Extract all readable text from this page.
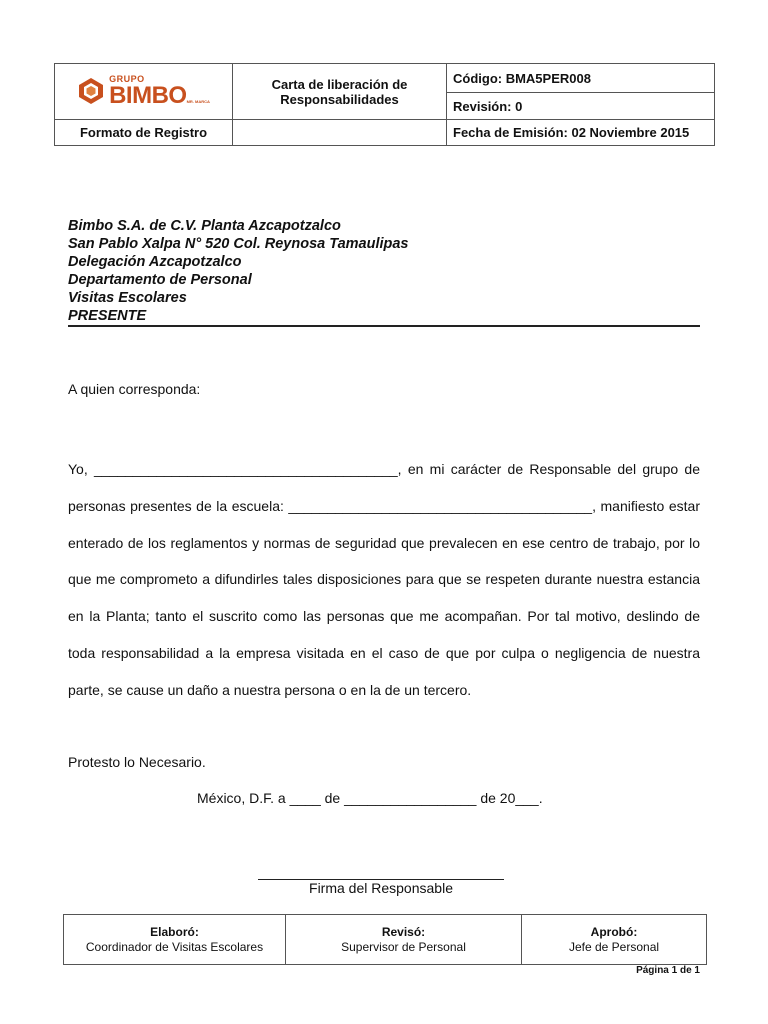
GRUPO
BIMBOMR. MARCA	Carta de liberación de Responsabilidades	Código: BMA5PER008
		Revisión: 0
Formato de Registro		Fecha de Emisión: 02 Noviembre 2015
Bimbo S.A. de C.V. Planta Azcapotzalco
San Pablo Xalpa N° 520 Col. Reynosa Tamaulipas
Delegación Azcapotzalco
Departamento de Personal
Visitas Escolares
PRESENTE
A quien corresponda:

Yo, _______________________________________, en mi carácter de Responsable del grupo de personas presentes de la escuela: _______________________________________, manifiesto estar enterado de los reglamentos y normas de seguridad que prevalecen en ese centro de trabajo, por lo que me comprometo a difundirles tales disposiciones para que se respeten durante nuestra estancia en la Planta; tanto el suscrito como las personas que me acompañan. Por tal motivo, deslindo de toda responsabilidad a la empresa visitada en el caso de que por culpa o negligencia de nuestra parte, se cause un daño a nuestra persona o en la de un tercero.

Protesto lo Necesario.
México, D.F. a ____ de _________________ de 20___.
Firma del Responsable
Elaboró:
Coordinador de Visitas Escolares	
Revisó:
Supervisor de Personal	
Aprobó:
Jefe de Personal
Página 1 de 1
